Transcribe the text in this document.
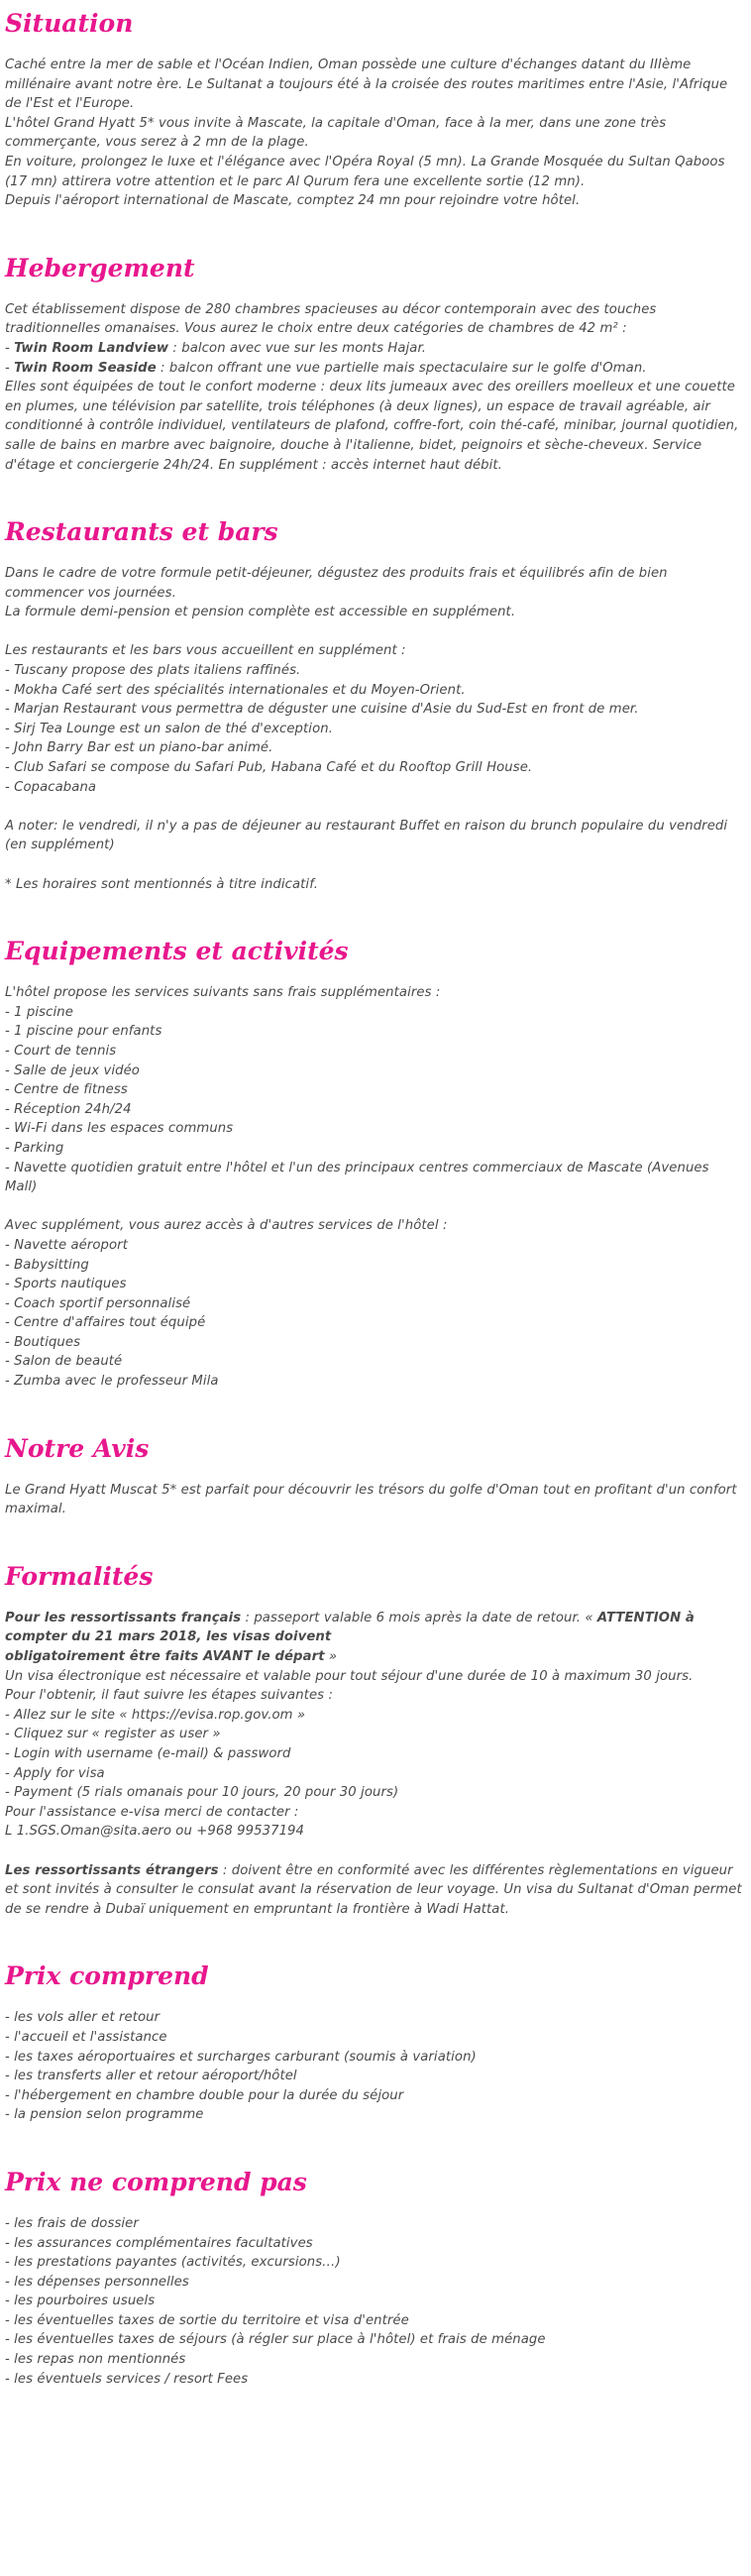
Situation

Caché entre la mer de sable et l'Océan Indien, Oman possède une culture d'échanges datant du IIIème millénaire avant notre ère. Le Sultanat a toujours été à la croisée des routes maritimes entre l'Asie, l'Afrique de l'Est et l'Europe.

L'hôtel Grand Hyatt 5* vous invite à Mascate, la capitale d'Oman, face à la mer, dans une zone très commerçante, vous serez à 2 mn de la plage.

En voiture, prolongez le luxe et l'élégance avec l'Opéra Royal (5 mn). La Grande Mosquée du Sultan Qaboos (17 mn) attirera votre attention et le parc Al Qurum fera une excellente sortie (12 mn).

Depuis l'aéroport international de Mascate, comptez 24 mn pour rejoindre votre hôtel.

Hebergement

Cet établissement dispose de 280 chambres spacieuses au décor contemporain avec des touches traditionnelles omanaises. Vous aurez le choix entre deux catégories de chambres de 42 m² :

- Twin Room Landview : balcon avec vue sur les monts Hajar.

- Twin Room Seaside : balcon offrant une vue partielle mais spectaculaire sur le golfe d'Oman.

Elles sont équipées de tout le confort moderne : deux lits jumeaux avec des oreillers moelleux et une couette en plumes, une télévision par satellite, trois téléphones (à deux lignes), un espace de travail agréable, air conditionné à contrôle individuel, ventilateurs de plafond, coffre-fort, coin thé-café, minibar, journal quotidien, salle de bains en marbre avec baignoire, douche à l'italienne, bidet, peignoirs et sèche-cheveux. Service d'étage et conciergerie 24h/24. En supplément : accès internet haut débit.

Restaurants et bars

Dans le cadre de votre formule petit-déjeuner, dégustez des produits frais et équilibrés afin de bien commencer vos journées.

La formule demi-pension et pension complète est accessible en supplément.

Les restaurants et les bars vous accueillent en supplément :

- Tuscany propose des plats italiens raffinés.

- Mokha Café sert des spécialités internationales et du Moyen-Orient.

- Marjan Restaurant vous permettra de déguster une cuisine d'Asie du Sud-Est en front de mer.

- Sirj Tea Lounge est un salon de thé d'exception.

- John Barry Bar est un piano-bar animé.

- Club Safari se compose du Safari Pub, Habana Café et du Rooftop Grill House.

- Copacabana

A noter: le vendredi, il n'y a pas de déjeuner au restaurant Buffet en raison du brunch populaire du vendredi (en supplément)

* Les horaires sont mentionnés à titre indicatif.

Equipements et activités

L'hôtel propose les services suivants sans frais supplémentaires :

- 1 piscine

- 1 piscine pour enfants

- Court de tennis

- Salle de jeux vidéo

- Centre de fitness

- Réception 24h/24

- Wi-Fi dans les espaces communs

- Parking

- Navette quotidien gratuit entre l'hôtel et l'un des principaux centres commerciaux de Mascate (Avenues Mall)

Avec supplément, vous aurez accès à d'autres services de l'hôtel :

- Navette aéroport

- Babysitting

- Sports nautiques

- Coach sportif personnalisé

- Centre d'affaires tout équipé

- Boutiques

- Salon de beauté

- Zumba avec le professeur Mila

Notre Avis

Le Grand Hyatt Muscat 5* est parfait pour découvrir les trésors du golfe d'Oman tout en profitant d'un confort maximal.

Formalités

Pour les ressortissants français : passeport valable 6 mois après la date de retour. « ATTENTION à compter du 21 mars 2018, les visas doivent

obligatoirement être faits AVANT le départ »

Un visa électronique est nécessaire et valable pour tout séjour d'une durée de 10 à maximum 30 jours.

Pour l'obtenir, il faut suivre les étapes suivantes :

- Allez sur le site « https://evisa.rop.gov.om »

- Cliquez sur « register as user »

- Login with username (e-mail) & password

- Apply for visa

- Payment (5 rials omanais pour 10 jours, 20 pour 30 jours)

Pour l'assistance e-visa merci de contacter :

L 1.SGS.Oman@sita.aero ou +968 99537194

Les ressortissants étrangers : doivent être en conformité avec les différentes règlementations en vigueur et sont invités à consulter le consulat avant la réservation de leur voyage. Un visa du Sultanat d'Oman permet de se rendre à Dubaï uniquement en empruntant la frontière à Wadi Hattat.

Prix comprend

- les vols aller et retour

- l'accueil et l'assistance

- les taxes aéroportuaires et surcharges carburant (soumis à variation)

- les transferts aller et retour aéroport/hôtel

- l'hébergement en chambre double pour la durée du séjour

- la pension selon programme

Prix ne comprend pas

- les frais de dossier

- les assurances complémentaires facultatives

- les prestations payantes (activités, excursions…)

- les dépenses personnelles

- les pourboires usuels

- les éventuelles taxes de sortie du territoire et visa d'entrée

- les éventuelles taxes de séjours (à régler sur place à l'hôtel) et frais de ménage

- les repas non mentionnés

- les éventuels services / resort Fees
